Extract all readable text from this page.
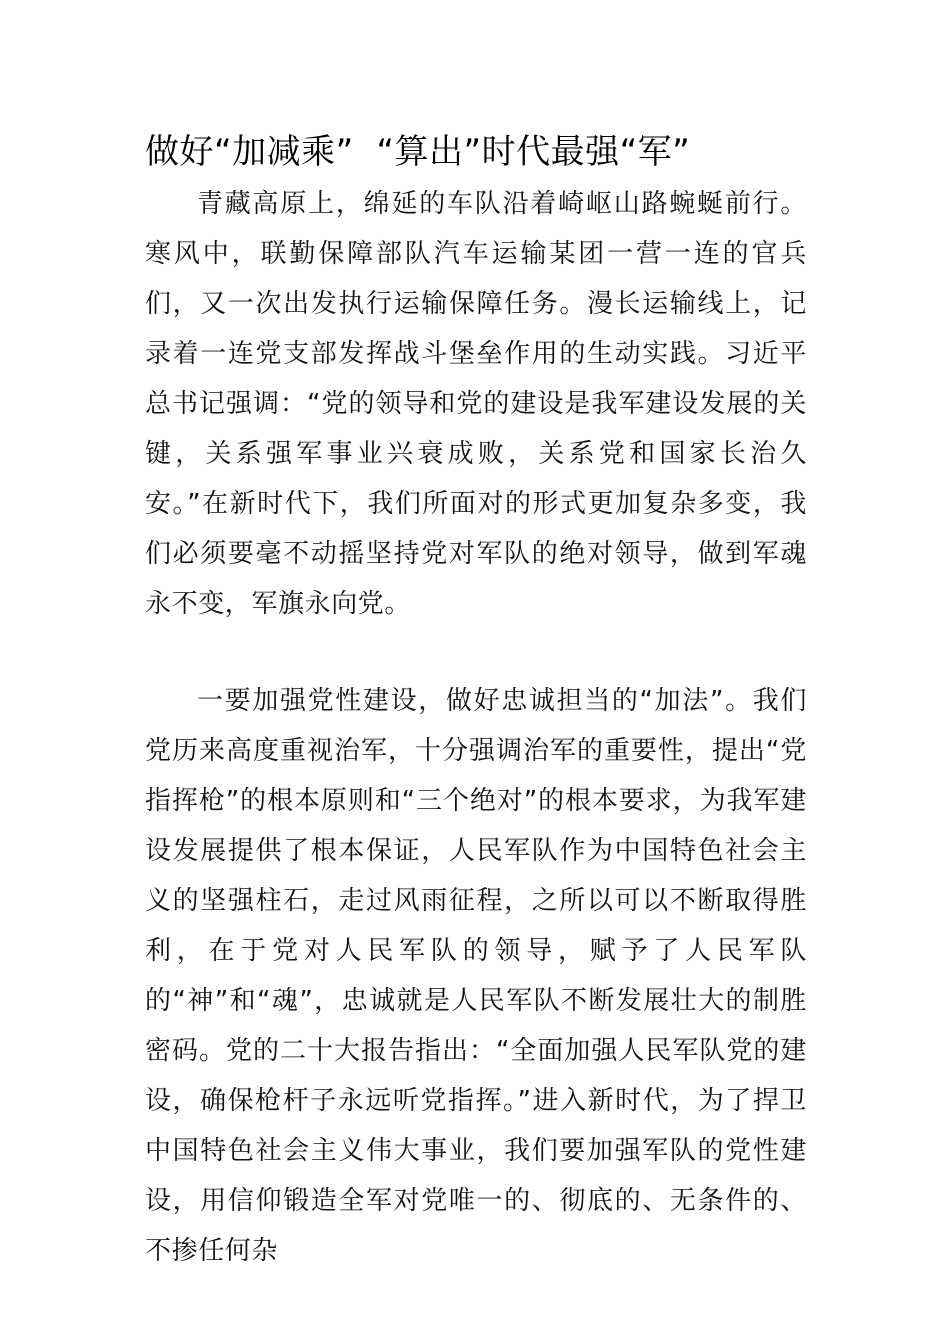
做好“加减乘”  “算出”时代最强“军”

青藏高原上，绵延的车队沿着崎岖山路蜿蜒前行。寒风中，联勤保障部队汽车运输某团一营一连的官兵们，又一次出发执行运输保障任务。漫长运输线上，记录着一连党支部发挥战斗堡垒作用的生动实践。习近平总书记强调：“党的领导和党的建设是我军建设发展的关键，关系强军事业兴衰成败，关系党和国家长治久安。”在新时代下，我们所面对的形式更加复杂多变，我们必须要毫不动摇坚持党对军队的绝对领导，做到军魂永不变，军旗永向党。

一要加强党性建设，做好忠诚担当的“加法”。我们党历来高度重视治军，十分强调治军的重要性，提出“党指挥枪”的根本原则和“三个绝对”的根本要求，为我军建设发展提供了根本保证，人民军队作为中国特色社会主义的坚强柱石，走过风雨征程，之所以可以不断取得胜利，在于党对人民军队的领导，赋予了人民军队的“神”和“魂”，忠诚就是人民军队不断发展壮大的制胜密码。党的二十大报告指出：“全面加强人民军队党的建设，确保枪杆子永远听党指挥。”进入新时代，为了捍卫中国特色社会主义伟大事业，我们要加强军队的党性建设，用信仰锻造全军对党唯一的、彻底的、无条件的、不掺任何杂
